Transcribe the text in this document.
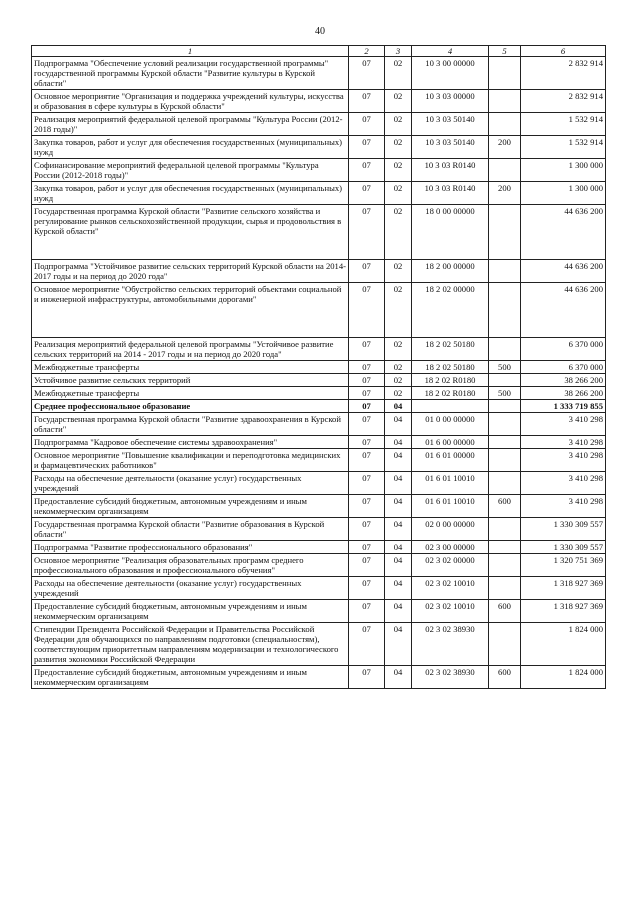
40
1	2	3	4	5	6
Подпрограмма "Обеспечение условий реализации государственной программы" государственной программы Курской области "Развитие культуры в Курской области"	07	02	10 3 00 00000		2 832 914
Основное мероприятие "Организация и поддержка учреждений культуры, искусства и образования в сфере культуры в Курской области"	07	02	10 3 03 00000		2 832 914
Реализация мероприятий федеральной целевой программы "Культура России (2012-2018 годы)"	07	02	10 3 03 50140		1 532 914
Закупка товаров, работ и услуг для обеспечения государственных (муниципальных) нужд	07	02	10 3 03 50140	200	1 532 914
Софинансирование мероприятий федеральной целевой программы "Культура России (2012-2018 годы)"	07	02	10 3 03 R0140		1 300 000
Закупка товаров, работ и услуг для обеспечения государственных (муниципальных) нужд	07	02	10 3 03 R0140	200	1 300 000
Государственная программа Курской области "Развитие сельского хозяйства и регулирование рынков сельскохозяйственной продукции, сырья и продовольствия в Курской области"	07	02	18 0 00 00000		44 636 200
Подпрограмма "Устойчивое развитие сельских территорий Курской области на 2014-2017 годы и на период до 2020 года"	07	02	18 2 00 00000		44 636 200
Основное мероприятие "Обустройство сельских территорий объектами социальной и инженерной инфраструктуры, автомобильными дорогами"	07	02	18 2 02 00000		44 636 200
Реализация мероприятий федеральной целевой программы "Устойчивое развитие сельских территорий на 2014 - 2017 годы и на период до 2020 года"	07	02	18 2 02 50180		6 370 000
Межбюджетные трансферты	07	02	18 2 02 50180	500	6 370 000
Устойчивое развитие сельских территорий	07	02	18 2 02 R0180		38 266 200
Межбюджетные трансферты	07	02	18 2 02 R0180	500	38 266 200
Среднее профессиональное образование	07	04			1 333 719 855
Государственная программа Курской области "Развитие здравоохранения в Курской области"	07	04	01 0 00 00000		3 410 298
Подпрограмма "Кадровое обеспечение системы здравоохранения"	07	04	01 6 00 00000		3 410 298
Основное мероприятие "Повышение квалификации и переподготовка медицинских и фармацевтических работников"	07	04	01 6 01 00000		3 410 298
Расходы на обеспечение деятельности (оказание услуг) государственных учреждений	07	04	01 6 01 10010		3 410 298
Предоставление субсидий бюджетным, автономным учреждениям и иным некоммерческим организациям	07	04	01 6 01 10010	600	3 410 298
Государственная программа Курской области "Развитие образования в Курской области"	07	04	02 0 00 00000		1 330 309 557
Подпрограмма "Развитие профессионального образования"	07	04	02 3 00 00000		1 330 309 557
Основное мероприятие "Реализация образовательных программ среднего профессионального образования и профессионального обучения"	07	04	02 3 02 00000		1 320 751 369
Расходы на обеспечение деятельности (оказание услуг) государственных учреждений	07	04	02 3 02 10010		1 318 927 369
Предоставление субсидий бюджетным, автономным учреждениям и иным некоммерческим организациям	07	04	02 3 02 10010	600	1 318 927 369
Стипендии Президента Российской Федерации и Правительства Российской Федерации для обучающихся по направлениям подготовки (специальностям), соответствующим приоритетным направлениям модернизации и технологического развития экономики Российской Федерации	07	04	02 3 02 38930		1 824 000
Предоставление субсидий бюджетным, автономным учреждениям и иным некоммерческим организациям	07	04	02 3 02 38930	600	1 824 000
